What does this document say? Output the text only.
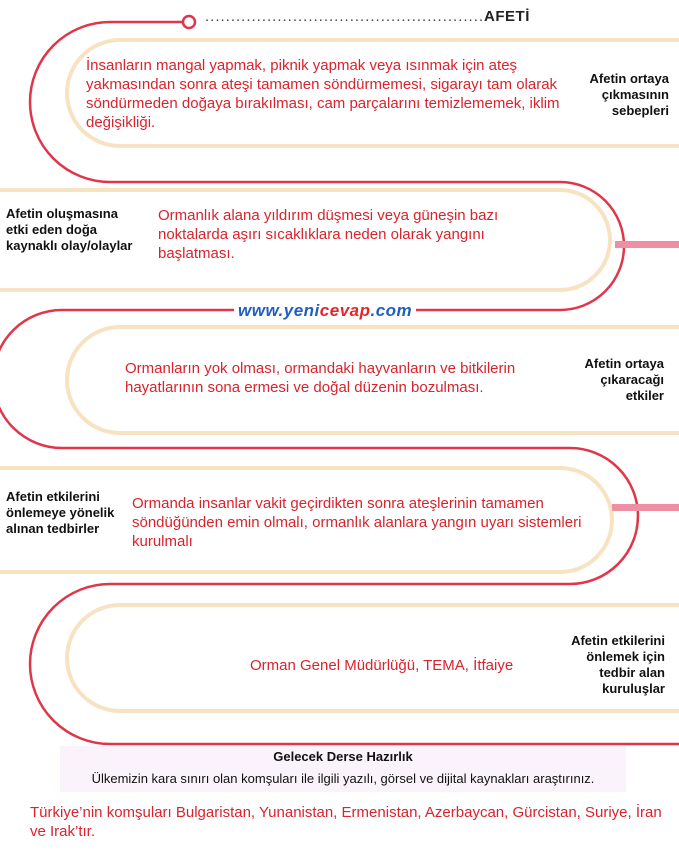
......................................................AFETİ
İnsanların mangal yapmak, piknik yapmak veya ısınmak için ateş yakmasından sonra ateşi tamamen söndürmemesi, sigarayı tam olarak söndürmeden doğaya bırakılması, cam parçalarını temizlememek, iklim değişikliği.
Afetin ortaya çıkmasının sebepleri
Afetin oluşmasına etki eden doğa kaynaklı olay/olaylar
Ormanlık alana yıldırım düşmesi veya güneşin bazı noktalarda aşırı sıcaklıklara neden olarak yangını başlatması.
www.yenicevap.com
Ormanların yok olması, ormandaki hayvanların ve bitkilerin hayatlarının sona ermesi ve doğal düzenin bozulması.
Afetin ortaya çıkaracağı etkiler
Afetin etkilerini önlemeye yönelik alınan tedbirler
Ormanda insanlar vakit geçirdikten sonra ateşlerinin tamamen söndüğünden emin olmalı, ormanlık alanlara yangın uyarı sistemleri kurulmalı
Orman Genel Müdürlüğü, TEMA, İtfaiye
Afetin etkilerini önlemek için tedbir alan kuruluşlar
Gelecek Derse Hazırlık
Ülkemizin kara sınırı olan komşuları ile ilgili yazılı, görsel ve dijital kaynakları araştırınız.
Türkiye’nin komşuları Bulgaristan, Yunanistan, Ermenistan, Azerbaycan, Gürcistan, Suriye, İran ve Irak’tır.
